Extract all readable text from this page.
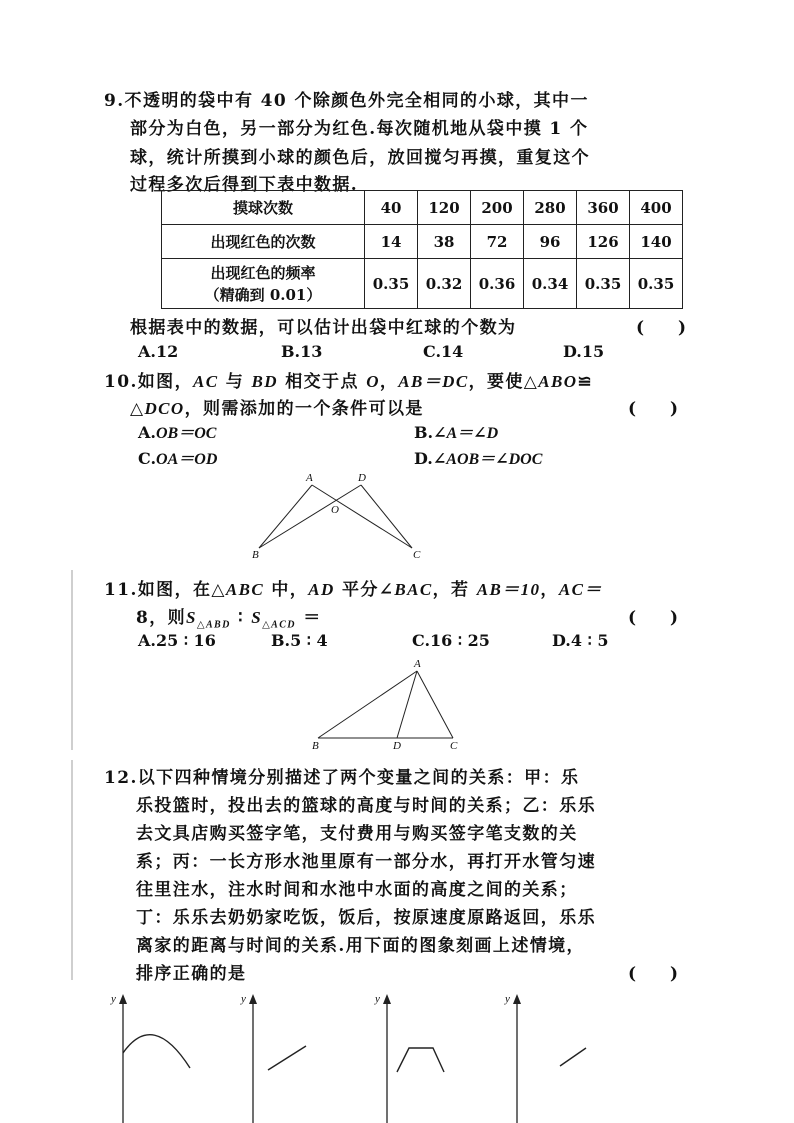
9.不透明的袋中有 40 个除颜色外完全相同的小球，其中一
部分为白色，另一部分为红色.每次随机地从袋中摸 1 个
球，统计所摸到小球的颜色后，放回搅匀再摸，重复这个
过程多次后得到下表中数据.
摸球次数	40	120	200	280	360	400
出现红色的次数	14	38	72	96	126	140

出现红色的频率
（精确到 0.01）	0.35	0.32	0.36	0.34	0.35	0.35
根据表中的数据，可以估计出袋中红球的个数为	(　　)
A.12	B.13	C.14	D.15
10.如图，AC 与 BD 相交于点 O，AB＝DC，要使△ABO≌
△DCO，则需添加的一个条件可以是	(　　)
A.OB＝OC	B.∠A＝∠D
C.OA＝OD	D.∠AOB＝∠DOC
A	D
O
B	C
11.如图，在△ABC 中，AD 平分∠BAC，若 AB＝10，AC＝
8，则$S_{\triangle ABD}$ ∶ $S_{\triangle ACD}$ ＝	(　　)
A.25 ∶ 16	B.5 ∶ 4	C.16 ∶ 25	D.4 ∶ 5
A
B	D	C
12.以下四种情境分别描述了两个变量之间的关系：甲：乐
乐投篮时，投出去的篮球的高度与时间的关系；乙：乐乐
去文具店购买签字笔，支付费用与购买签字笔支数的关
系；丙：一长方形水池里原有一部分水，再打开水管匀速
往里注水，注水时间和水池中水面的高度之间的关系；
丁：乐乐去奶奶家吃饭，饭后，按原速度原路返回，乐乐
离家的距离与时间的关系.用下面的图象刻画上述情境，
排序正确的是	(　　)
y	y	y	y
